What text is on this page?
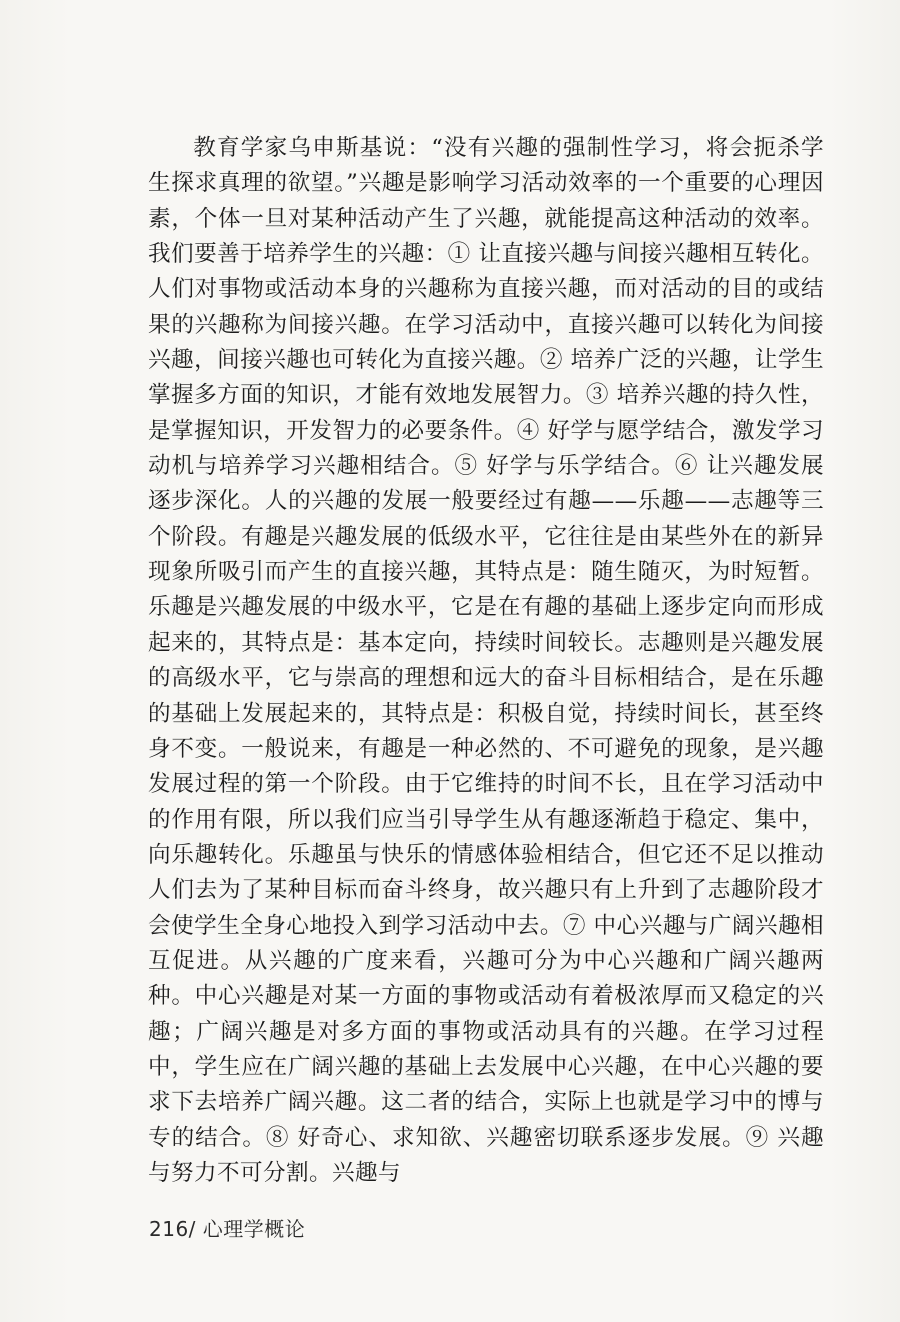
教育学家乌申斯基说：“没有兴趣的强制性学习，将会扼杀学生探求真理的欲望。”兴趣是影响学习活动效率的一个重要的心理因素，个体一旦对某种活动产生了兴趣，就能提高这种活动的效率。我们要善于培养学生的兴趣：① 让直接兴趣与间接兴趣相互转化。人们对事物或活动本身的兴趣称为直接兴趣，而对活动的目的或结果的兴趣称为间接兴趣。在学习活动中，直接兴趣可以转化为间接兴趣，间接兴趣也可转化为直接兴趣。② 培养广泛的兴趣，让学生掌握多方面的知识，才能有效地发展智力。③ 培养兴趣的持久性，是掌握知识，开发智力的必要条件。④ 好学与愿学结合，激发学习动机与培养学习兴趣相结合。⑤ 好学与乐学结合。⑥ 让兴趣发展逐步深化。人的兴趣的发展一般要经过有趣——乐趣——志趣等三个阶段。有趣是兴趣发展的低级水平，它往往是由某些外在的新异现象所吸引而产生的直接兴趣，其特点是：随生随灭，为时短暂。乐趣是兴趣发展的中级水平，它是在有趣的基础上逐步定向而形成起来的，其特点是：基本定向，持续时间较长。志趣则是兴趣发展的高级水平，它与崇高的理想和远大的奋斗目标相结合，是在乐趣的基础上发展起来的，其特点是：积极自觉，持续时间长，甚至终身不变。一般说来，有趣是一种必然的、不可避免的现象，是兴趣发展过程的第一个阶段。由于它维持的时间不长，且在学习活动中的作用有限，所以我们应当引导学生从有趣逐渐趋于稳定、集中，向乐趣转化。乐趣虽与快乐的情感体验相结合，但它还不足以推动人们去为了某种目标而奋斗终身，故兴趣只有上升到了志趣阶段才会使学生全身心地投入到学习活动中去。⑦ 中心兴趣与广阔兴趣相互促进。从兴趣的广度来看，兴趣可分为中心兴趣和广阔兴趣两种。中心兴趣是对某一方面的事物或活动有着极浓厚而又稳定的兴趣；广阔兴趣是对多方面的事物或活动具有的兴趣。在学习过程中，学生应在广阔兴趣的基础上去发展中心兴趣，在中心兴趣的要求下去培养广阔兴趣。这二者的结合，实际上也就是学习中的博与专的结合。⑧ 好奇心、求知欲、兴趣密切联系逐步发展。⑨ 兴趣与努力不可分割。兴趣与

216/ 心理学概论
